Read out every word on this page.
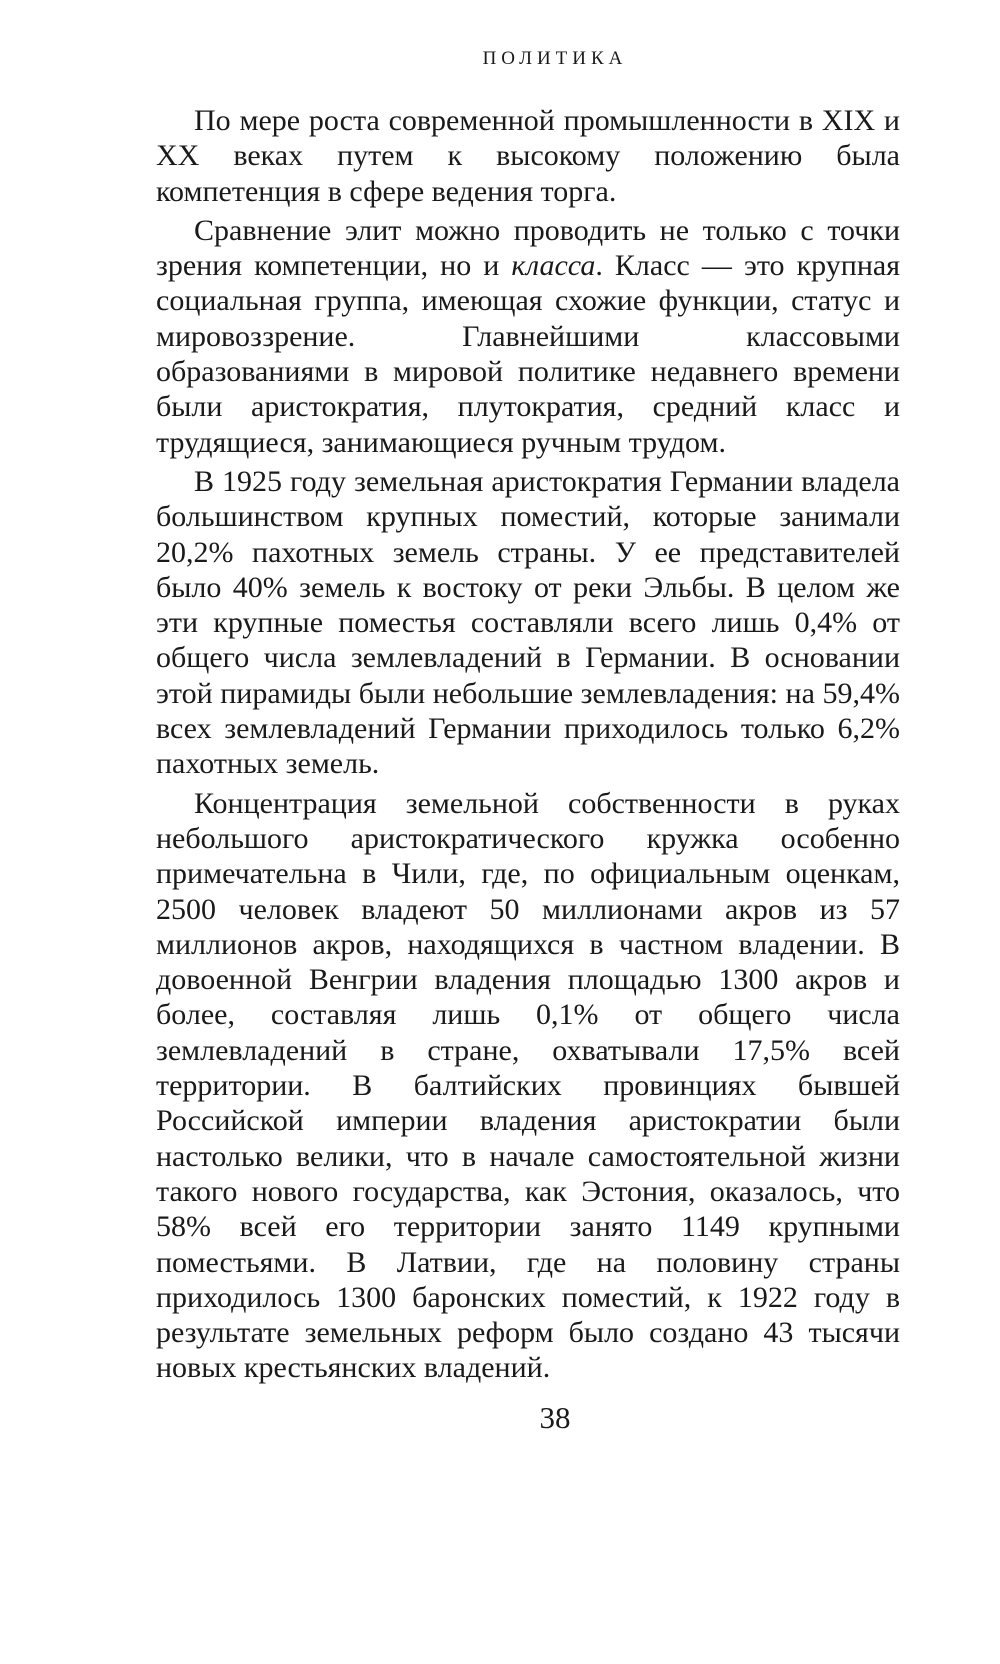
ПОЛИТИКА

По мере роста современной промышленности в XIX и XX веках путем к высокому положению была компетенция в сфере ведения торга.

Сравнение элит можно проводить не только с точки зрения компетенции, но и класса. Класс — это крупная социальная группа, имеющая схожие функции, статус и мировоззрение. Главнейшими классовыми образованиями в мировой политике недавнего времени были аристократия, плутократия, средний класс и трудящиеся, занимающиеся ручным трудом.

В 1925 году земельная аристократия Германии владела большинством крупных поместий, которые занимали 20,2% пахотных земель страны. У ее представителей было 40% земель к востоку от реки Эльбы. В целом же эти крупные поместья составляли всего лишь 0,4% от общего числа землевладений в Германии. В основании этой пирамиды были небольшие землевладения: на 59,4% всех землевладений Германии приходилось только 6,2% пахотных земель.

Концентрация земельной собственности в руках небольшого аристократического кружка особенно примечательна в Чили, где, по официальным оценкам, 2500 человек владеют 50 миллионами акров из 57 миллионов акров, находящихся в частном владении. В довоенной Венгрии владения площадью 1300 акров и более, составляя лишь 0,1% от общего числа землевладений в стране, охватывали 17,5% всей территории. В балтийских провинциях бывшей Российской империи владения аристократии были настолько велики, что в начале самостоятельной жизни такого нового государства, как Эстония, оказалось, что 58% всей его территории занято 1149 крупными поместьями. В Латвии, где на половину страны приходилось 1300 баронских поместий, к 1922 году в результате земельных реформ было создано 43 тысячи новых крестьянских владений.

38
